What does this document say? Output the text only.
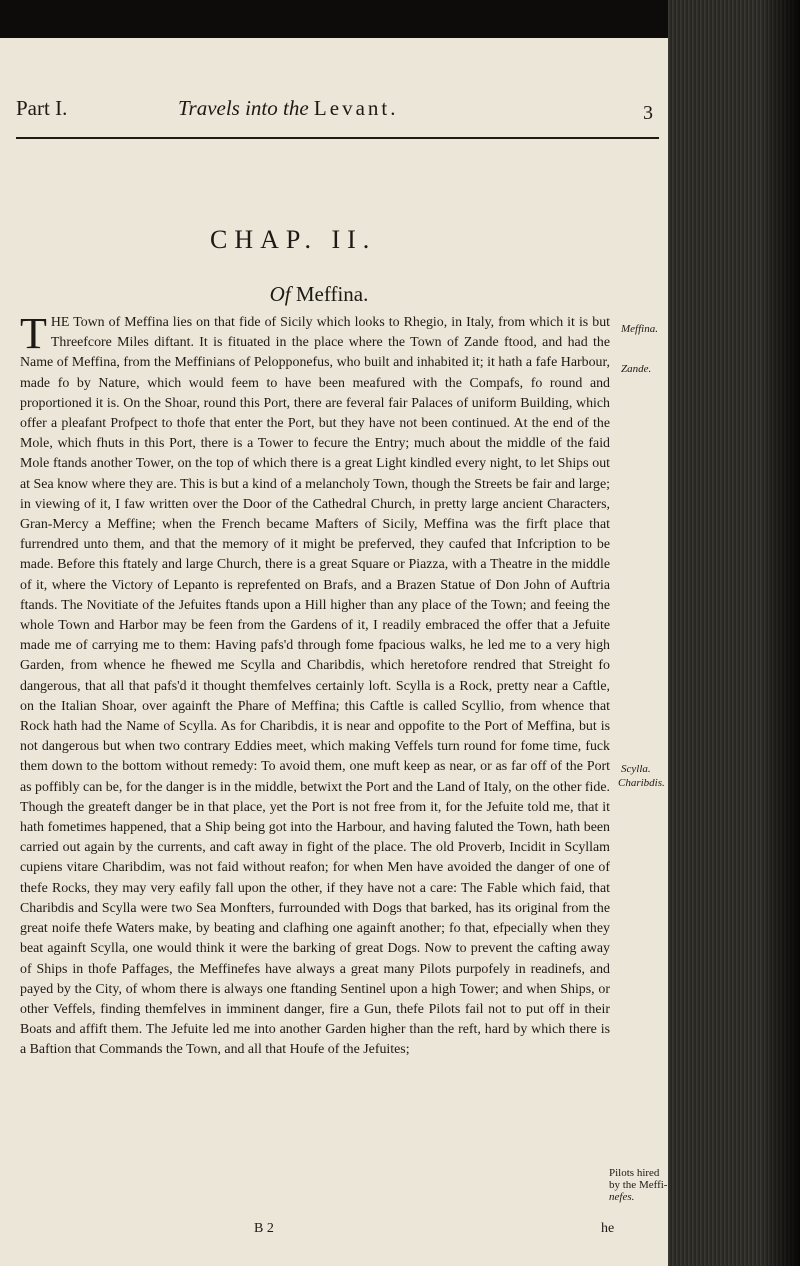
Part I.	Travels into the Levant.	3
CHAP. II.
Of Meffina.

THE Town of Meffina lies on that fide of Sicily which looks to Rhegio, in Italy, from which it is but Threefcore Miles diftant. It is fituated in the place where the Town of Zande ftood, and had the Name of Meffina, from the Meffinians of Pelopponefus, who built and inhabited it; it hath a fafe Harbour, made fo by Nature, which would feem to have been meafured with the Compafs, fo round and proportioned it is. On the Shoar, round this Port, there are feveral fair Palaces of uniform Building, which offer a pleafant Profpect to thofe that enter the Port, but they have not been continued. At the end of the Mole, which fhuts in this Port, there is a Tower to fecure the Entry; much about the middle of the faid Mole ftands another Tower, on the top of which there is a great Light kindled every night, to let Ships out at Sea know where they are. This is but a kind of a melancholy Town, though the Streets be fair and large; in viewing of it, I faw written over the Door of the Cathedral Church, in pretty large ancient Characters, Gran-Mercy a Meffine; when the French became Mafters of Sicily, Meffina was the firft place that furrendred unto them, and that the memory of it might be preferved, they caufed that Infcription to be made. Before this ftately and large Church, there is a great Square or Piazza, with a Theatre in the middle of it, where the Victory of Lepanto is reprefented on Brafs, and a Brazen Statue of Don John of Auftria ftands. The Novitiate of the Jefuites ftands upon a Hill higher than any place of the Town; and feeing the whole Town and Harbor may be feen from the Gardens of it, I readily embraced the offer that a Jefuite made me of carrying me to them: Having pafs'd through fome fpacious walks, he led me to a very high Garden, from whence he fhewed me Scylla and Charibdis, which heretofore rendred that Streight fo dangerous, that all that pafs'd it thought themfelves certainly loft. Scylla is a Rock, pretty near a Caftle, on the Italian Shoar, over againft the Phare of Meffina; this Caftle is called Scyllio, from whence that Rock hath had the Name of Scylla. As for Charibdis, it is near and oppofite to the Port of Meffina, but is not dangerous but when two contrary Eddies meet, which making Veffels turn round for fome time, fuck them down to the bottom without remedy: To avoid them, one muft keep as near, or as far off of the Port as poffibly can be, for the danger is in the middle, betwixt the Port and the Land of Italy, on the other fide. Though the greateft danger be in that place, yet the Port is not free from it, for the Jefuite told me, that it hath fometimes happened, that a Ship being got into the Harbour, and having faluted the Town, hath been carried out again by the currents, and caft away in fight of the place. The old Proverb, Incidit in Scyllam cupiens vitare Charibdim, was not faid without reafon; for when Men have avoided the danger of one of thefe Rocks, they may very eafily fall upon the other, if they have not a care: The Fable which faid, that Charibdis and Scylla were two Sea Monfters, furrounded with Dogs that barked, has its original from the great noife thefe Waters make, by beating and clafhing one againft another; fo that, efpecially when they beat againft Scylla, one would think it were the barking of great Dogs. Now to prevent the cafting away of Ships in thofe Paffages, the Meffinefes have always a great many Pilots purpofely in readinefs, and payed by the City, of whom there is always one ftanding Sentinel upon a high Tower; and when Ships, or other Veffels, finding themfelves in imminent danger, fire a Gun, thefe Pilots fail not to put off in their Boats and affift them. The Jefuite led me into another Garden higher than the reft, hard by which there is a Baftion that Commands the Town, and all that Houfe of the Jefuites;

Meffina.
Zande.
Scylla.
Charibdis.
Pilots hired
by the Meffi-
nefes.
B 2	he
